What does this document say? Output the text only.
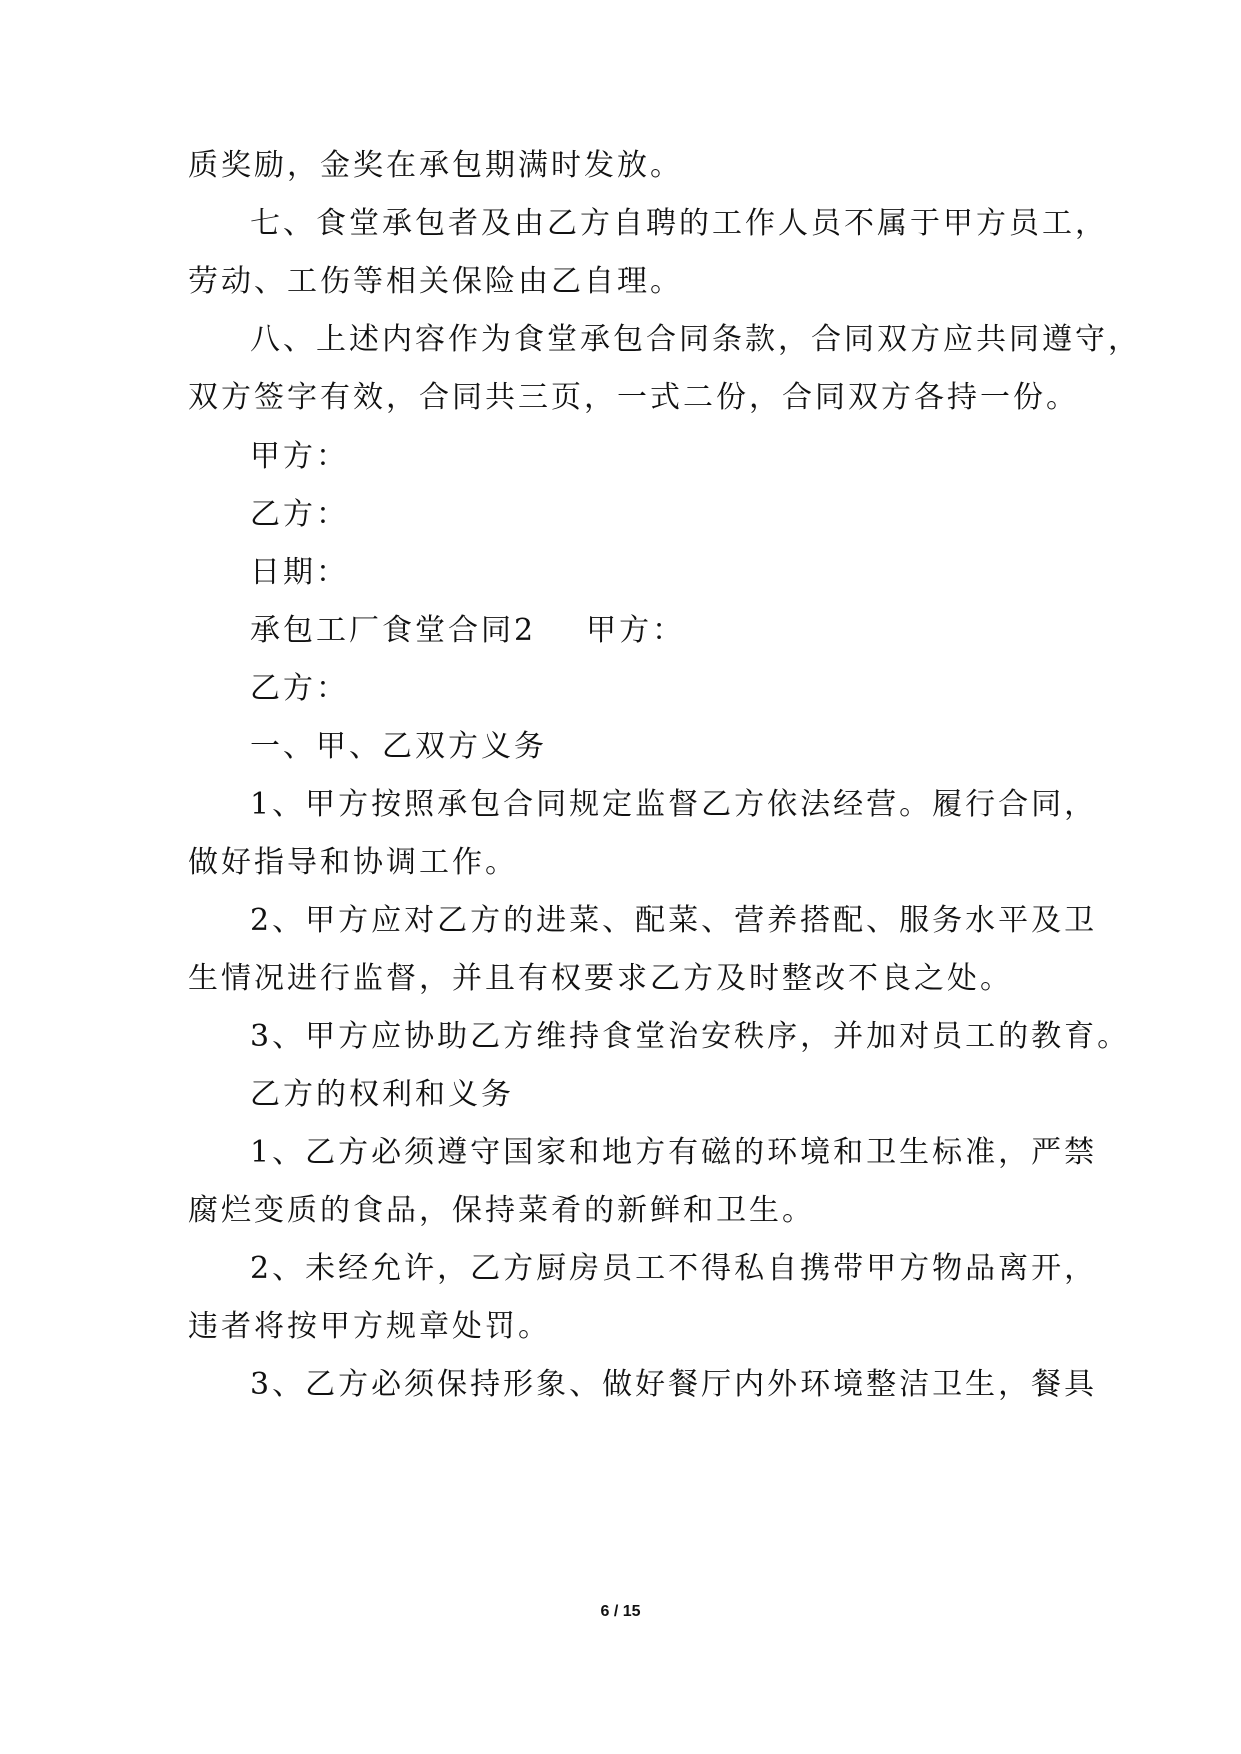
质奖励，金奖在承包期满时发放。
七、食堂承包者及由乙方自聘的工作人员不属于甲方员工，
劳动、工伤等相关保险由乙自理。
八、上述内容作为食堂承包合同条款，合同双方应共同遵守，
双方签字有效，合同共三页，一式二份，合同双方各持一份。
甲方：
乙方：
日期：
承包工厂食堂合同2 甲方：
乙方：
一、甲、乙双方义务
1、甲方按照承包合同规定监督乙方依法经营。履行合同，
做好指导和协调工作。
2、甲方应对乙方的进菜、配菜、营养搭配、服务水平及卫
生情况进行监督，并且有权要求乙方及时整改不良之处。
3、甲方应协助乙方维持食堂治安秩序，并加对员工的教育。
乙方的权利和义务
1、乙方必须遵守国家和地方有磁的环境和卫生标准，严禁
腐烂变质的食品，保持菜肴的新鲜和卫生。
2、未经允许，乙方厨房员工不得私自携带甲方物品离开，
违者将按甲方规章处罚。
3、乙方必须保持形象、做好餐厅内外环境整洁卫生，餐具
6 / 15
